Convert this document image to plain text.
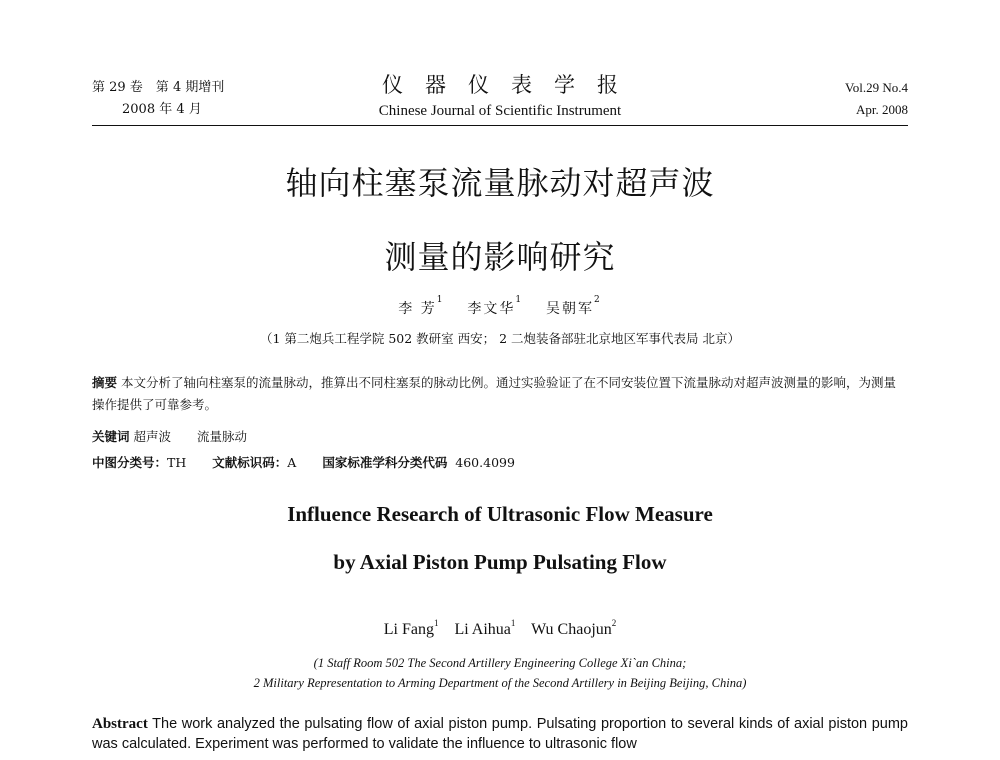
第 29 卷　第 4 期增刊
2008 年 4 月
仪器仪表学报
Chinese Journal of Scientific Instrument
Vol.29 No.4
Apr. 2008
轴向柱塞泵流量脉动对超声波
测量的影响研究
李 芳$^1$  李文华$^1$  吴朝军$^2$
（1 第二炮兵工程学院 502 教研室 西安； 2 二炮装备部驻北京地区军事代表局 北京）
摘要 本文分析了轴向柱塞泵的流量脉动，推算出不同柱塞泵的脉动比例。通过实验验证了在不同安装位置下流量脉动对超声波测量的影响，为测量操作提供了可靠参考。
关键词 超声波 流量脉动
中图分类号：TH 文献标识码：A 国家标准学科分类代码 460.4099
Influence Research of Ultrasonic Flow Measure
by Axial Piston Pump Pulsating Flow
Li Fang$^1$ Li Aihua$^1$ Wu Chaojun$^2$
(1 Staff Room 502 The Second Artillery Engineering College Xi`an China;
2 Military Representation to Arming Department of the Second Artillery in Beijing Beijing, China)
Abstract The work analyzed the pulsating flow of axial piston pump. Pulsating proportion to several kinds of axial piston pump was calculated. Experiment was performed to validate the influence to ultrasonic flow
